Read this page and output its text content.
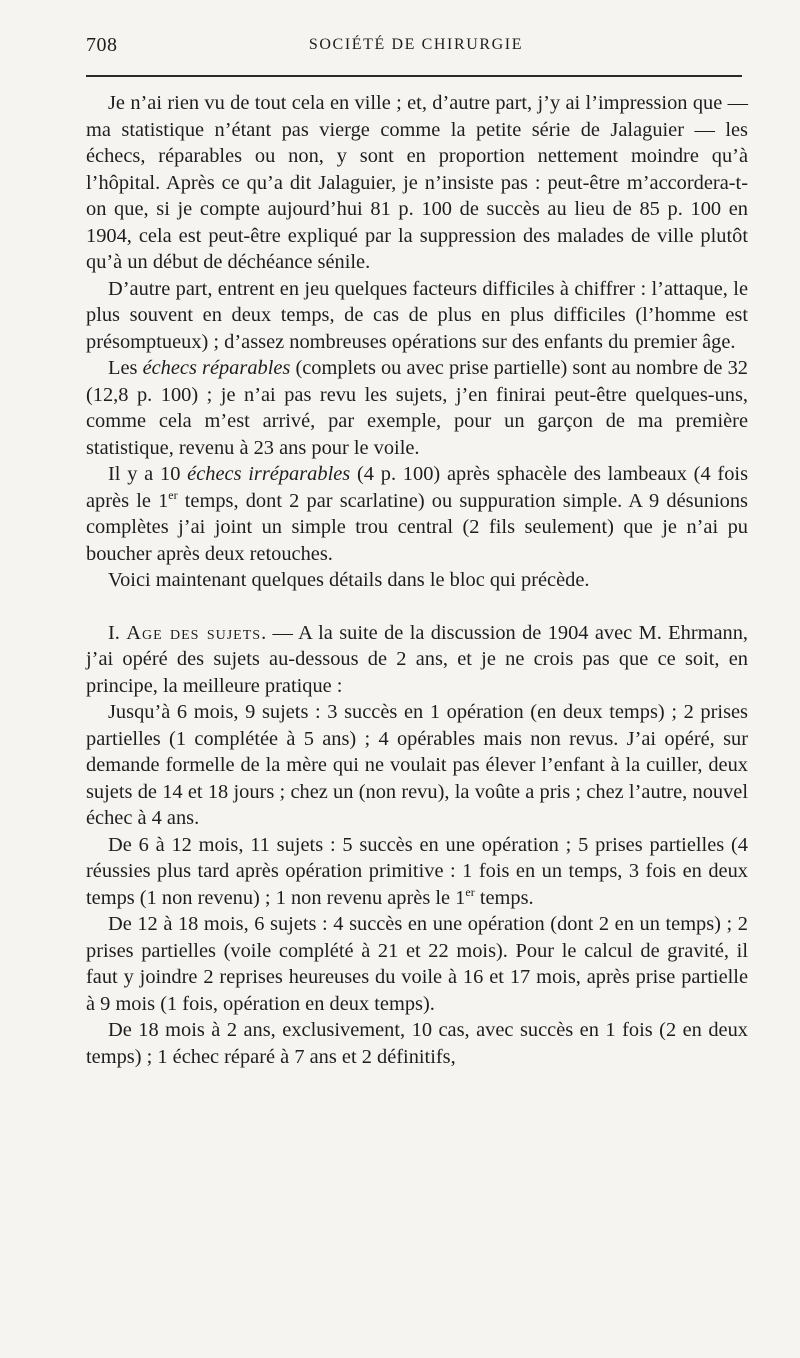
708	SOCIÉTÉ DE CHIRURGIE

Je n’ai rien vu de tout cela en ville ; et, d’autre part, j’y ai l’impression que — ma statistique n’étant pas vierge comme la petite série de Jalaguier — les échecs, réparables ou non, y sont en proportion nettement moindre qu’à l’hôpital. Après ce qu’a dit Jalaguier, je n’insiste pas : peut-être m’accordera-t-on que, si je compte aujourd’hui 81 p. 100 de succès au lieu de 85 p. 100 en 1904, cela est peut-être expliqué par la suppression des malades de ville plutôt qu’à un début de déchéance sénile.

D’autre part, entrent en jeu quelques facteurs difficiles à chiffrer : l’attaque, le plus souvent en deux temps, de cas de plus en plus difficiles (l’homme est présomptueux) ; d’assez nombreuses opérations sur des enfants du premier âge.

Les échecs réparables (complets ou avec prise partielle) sont au nombre de 32 (12,8 p. 100) ; je n’ai pas revu les sujets, j’en finirai peut-être quelques-uns, comme cela m’est arrivé, par exemple, pour un garçon de ma première statistique, revenu à 23 ans pour le voile.

Il y a 10 échecs irréparables (4 p. 100) après sphacèle des lambeaux (4 fois après le 1er temps, dont 2 par scarlatine) ou suppuration simple. A 9 désunions complètes j’ai joint un simple trou central (2 fils seulement) que je n’ai pu boucher après deux retouches.

Voici maintenant quelques détails dans le bloc qui précède.

I. Age des sujets. — A la suite de la discussion de 1904 avec M. Ehrmann, j’ai opéré des sujets au-dessous de 2 ans, et je ne crois pas que ce soit, en principe, la meilleure pratique :

Jusqu’à 6 mois, 9 sujets : 3 succès en 1 opération (en deux temps) ; 2 prises partielles (1 complétée à 5 ans) ; 4 opérables mais non revus. J’ai opéré, sur demande formelle de la mère qui ne voulait pas élever l’enfant à la cuiller, deux sujets de 14 et 18 jours ; chez un (non revu), la voûte a pris ; chez l’autre, nouvel échec à 4 ans.

De 6 à 12 mois, 11 sujets : 5 succès en une opération ; 5 prises partielles (4 réussies plus tard après opération primitive : 1 fois en un temps, 3 fois en deux temps (1 non revenu) ; 1 non revenu après le 1er temps.

De 12 à 18 mois, 6 sujets : 4 succès en une opération (dont 2 en un temps) ; 2 prises partielles (voile complété à 21 et 22 mois). Pour le calcul de gravité, il faut y joindre 2 reprises heureuses du voile à 16 et 17 mois, après prise partielle à 9 mois (1 fois, opération en deux temps).

De 18 mois à 2 ans, exclusivement, 10 cas, avec succès en 1 fois (2 en deux temps) ; 1 échec réparé à 7 ans et 2 définitifs,
